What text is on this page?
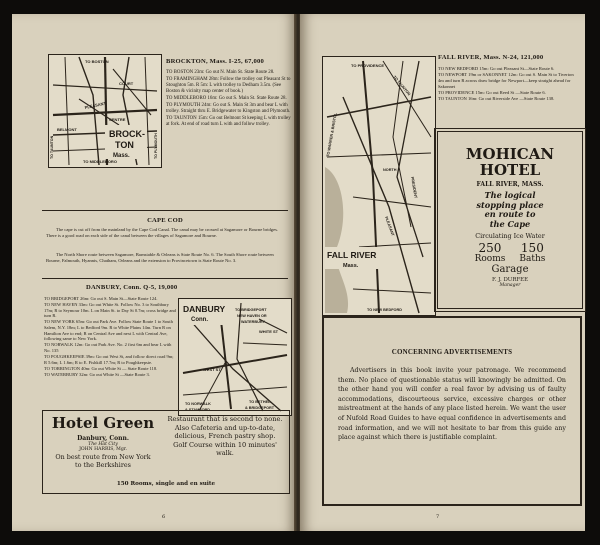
TO BOSTON
PLEASANT
COURT
CENTRE
BELMONT
TO MIDDLEBORO
TO TAUNTON	TO PLYMOUTH
BROCK-
TON
Mass.
BROCKTON, Mass. I-25, 67,000
TO BOSTON 23m: Go out N. Main St. State Route 28.
TO FRAMINGHAM 28m: Follow the trolley out Pleasant St to Stoughton 5m. R 5m: L with trolley to Dedham 3.5m. (See Boston & vicinity map center of book.)
TO MIDDLEBORO 16m: Go out S. Main St. State Route 28.
TO PLYMOUTH 24m: Go out S. Main St 3m and bear L with trolley. Straight thru E. Bridgewater to Kingston and Plymouth.
TO TAUNTON 15m: Go out Belmont St keeping L with trolley at fork. At end of road turn L with and follow trolley.
CAPE COD
The cape is cut off from the mainland by the Cape Cod Canal. The canal may be crossed at Sagamore or Bourne bridges. There is a good road on each side of the canal between the villages of Sagamore and Bourne.
The North Shore route between Sagamore, Barnstable & Orleans is State Route No. 6. The South Shore route between Bourne, Falmouth, Hyannis, Chatham, Orleans and the extension to Provincetown is State Route No. 3.
DANBURY, Conn. Q-5, 19,000
TO BRIDGEPORT 26m: Go out S. Main St—State Route 124.
TO NEW HAVEN 33m: Go out White St. Follow No. 3 to Southbury 17m; R to Seymour 10m. L on Main St. to Day St 0.7m; cross bridge and turn R.
TO NEW YORK 65m: Go out Park Ave. Follow State Route 1 to South Salem, N.Y. 18m; L to Bedford 9m. R to White Plains 14m. Turn R on Hamilton Ave to end; R on Central Ave and next L with Central Ave, following same to New York.
TO NORWALK 12m: Go out Park Ave. No. 2 first 6m and bear L with No. 135
TO POUGHKEEPSIE 39m: Go out West St, and follow direct road 9m; R 5.6m; L 1.6m; R to E. Fishkill 17.7m; R to Poughkeepsie.
TO TORRINGTON 40m: Go out White St — State Route 118.
TO WATERBURY 32m: Go out White St —State Route 3.
DANBURY
Conn.
TO BRIDGEPORT
NEW HAVEN OR
WATERBURY
WHITE ST
WEST ST
TO NORWALK
& STAMFORD
TO BETHEL
& BRIDGEPORT
Hotel Green
Danbury, Conn.
The Hat City
JOHN HARRIS, Mgr.
On best route from New York
to the Berkshires
Restaurant that is second to none. Also Cafeteria and up-to-date, delicious, French pastry shop. Golf Course within 10 minutes' walk.
150 Rooms, single and en suite
6
TO PROVIDENCE
TO TAUNTON
TO WARREN & BRISTOL
NORTH
PLEASANT
PRESIDENT
TO NEW BEDFORD
FALL RIVER
Mass.
FALL RIVER, Mass. N-24, 121,000
TO NEW BEDFORD 15m: Go out Pleasant St—State Route 6.
TO NEWPORT 19m or SAKONNET 12m: Go out S. Main St to Tiverton 4m and turn R across draw bridge for Newport—keep straight ahead for Sakonnet
TO PROVIDENCE 15m: Go out Reed St —State Route 6.
TO TAUNTON 16m: Go out Riverside Ave —State Route 138.
MOHICAN
HOTEL
FALL RIVER, MASS.
The logical
stopping place
en route to
the Cape
Circulating Ice Water
250
Rooms
150
Baths
Garage
F. J. DURFEE
Manager
CONCERNING ADVERTISEMENTS
Advertisers in this book invite your patronage. We recommend them. No place of questionable status will knowingly be admitted. On the other hand you will confer a real favor by advising us of faulty accommodations, discourteous service, excessive charges or other mistreatment at the hands of any place listed herein. We want the user of Nufold Road Guides to have equal confidence in advertisements and road information, and we will not hesitate to bar from this guide any place against which there is justifiable complaint.
7
